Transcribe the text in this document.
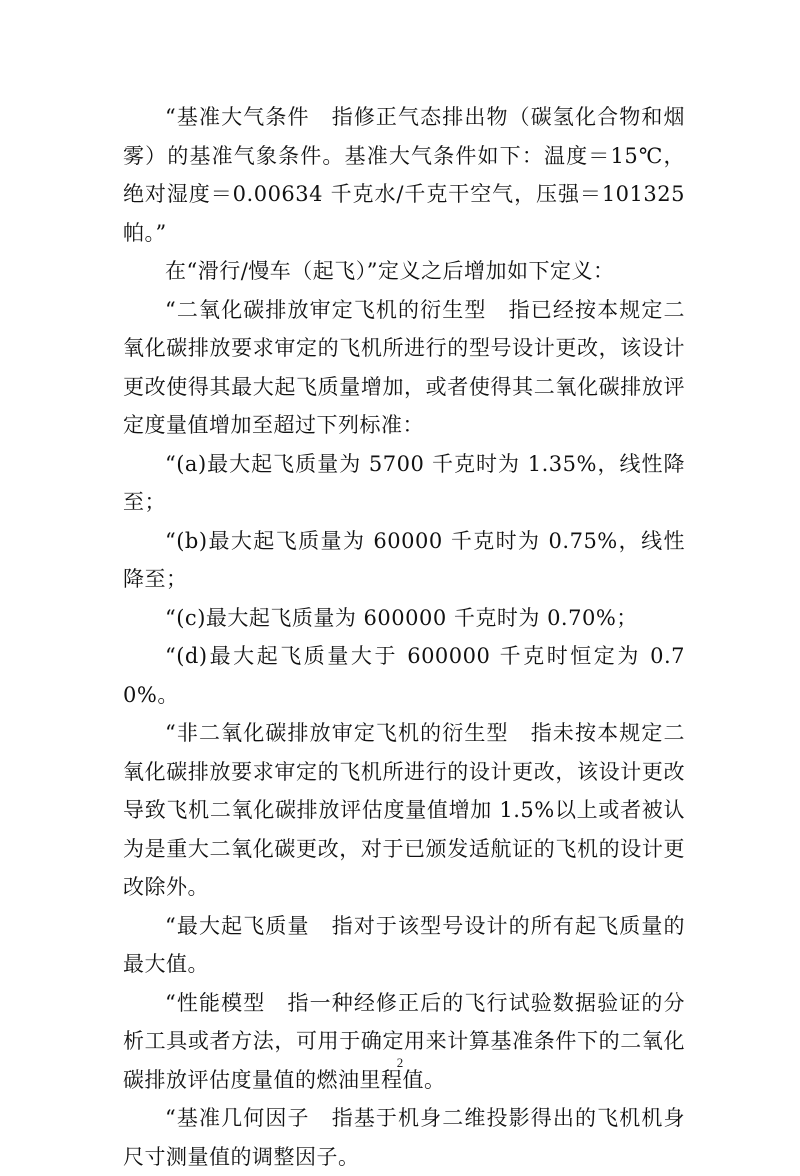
“基准大气条件　指修正气态排出物（碳氢化合物和烟雾）的基准气象条件。基准大气条件如下：温度＝15℃，绝对湿度＝0.00634 千克水/千克干空气，压强＝101325 帕。”

在“滑行/慢车（起飞）”定义之后增加如下定义：

“二氧化碳排放审定飞机的衍生型　指已经按本规定二氧化碳排放要求审定的飞机所进行的型号设计更改，该设计更改使得其最大起飞质量增加，或者使得其二氧化碳排放评定度量值增加至超过下列标准：

“(a)最大起飞质量为 5700 千克时为 1.35%，线性降至；

“(b)最大起飞质量为 60000 千克时为 0.75%，线性降至；

“(c)最大起飞质量为 600000 千克时为 0.70%；

“(d)最大起飞质量大于 600000 千克时恒定为 0.70%。

“非二氧化碳排放审定飞机的衍生型　指未按本规定二氧化碳排放要求审定的飞机所进行的设计更改，该设计更改导致飞机二氧化碳排放评估度量值增加 1.5%以上或者被认为是重大二氧化碳更改，对于已颁发适航证的飞机的设计更改除外。

“最大起飞质量　指对于该型号设计的所有起飞质量的最大值。

“性能模型　指一种经修正后的飞行试验数据验证的分析工具或者方法，可用于确定用来计算基准条件下的二氧化碳排放评估度量值的燃油里程值。

“基准几何因子　指基于机身二维投影得出的飞机机身尺寸测量值的调整因子。

2
